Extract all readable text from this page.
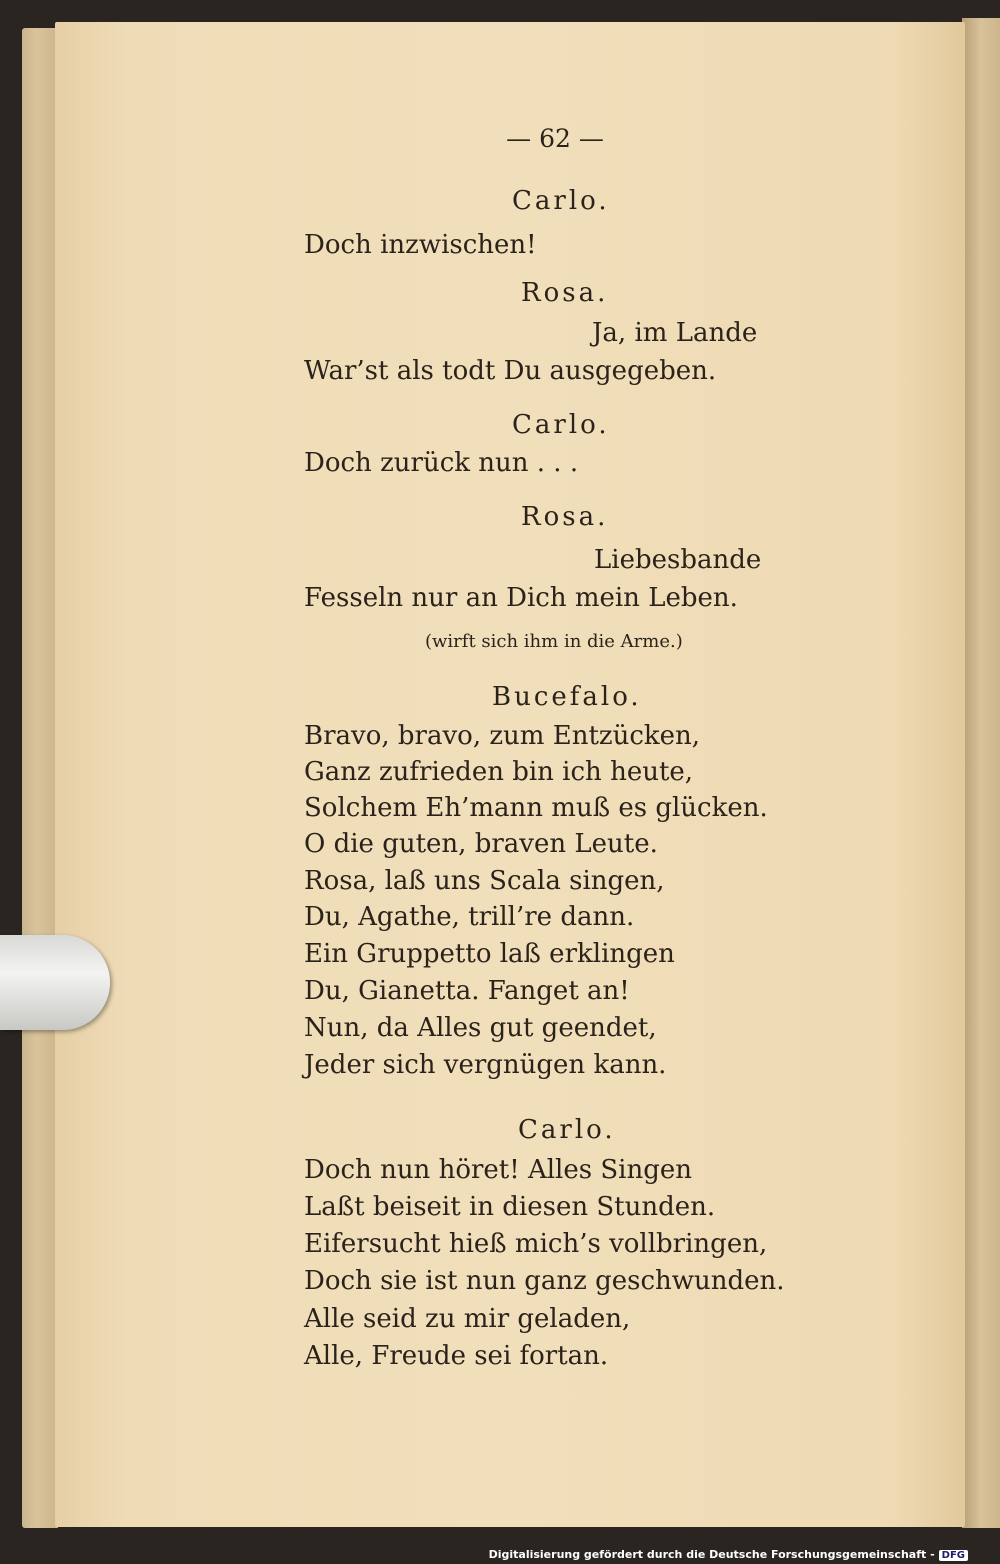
— 62 —
Carlo.
Doch inzwischen!
Rosa.
Ja, im Lande
War’st als todt Du ausgegeben.
Carlo.
Doch zurück nun . . .
Rosa.
Liebesbande
Fesseln nur an Dich mein Leben.
(wirft sich ihm in die Arme.)
Bucefalo.
Bravo, bravo, zum Entzücken,
Ganz zufrieden bin ich heute,
Solchem Eh’mann muß es glücken.
O die guten, braven Leute.
Rosa, laß uns Scala singen,
Du, Agathe, trill’re dann.
Ein Gruppetto laß erklingen
Du, Gianetta. Fanget an!
Nun, da Alles gut geendet,
Jeder sich vergnügen kann.
Carlo.
Doch nun höret! Alles Singen
Laßt beiseit in diesen Stunden.
Eifersucht hieß mich’s vollbringen,
Doch sie ist nun ganz geschwunden.
Alle seid zu mir geladen,
Alle, Freude sei fortan.
Digitalisierung gefördert durch die Deutsche Forschungsgemeinschaft - DFG
